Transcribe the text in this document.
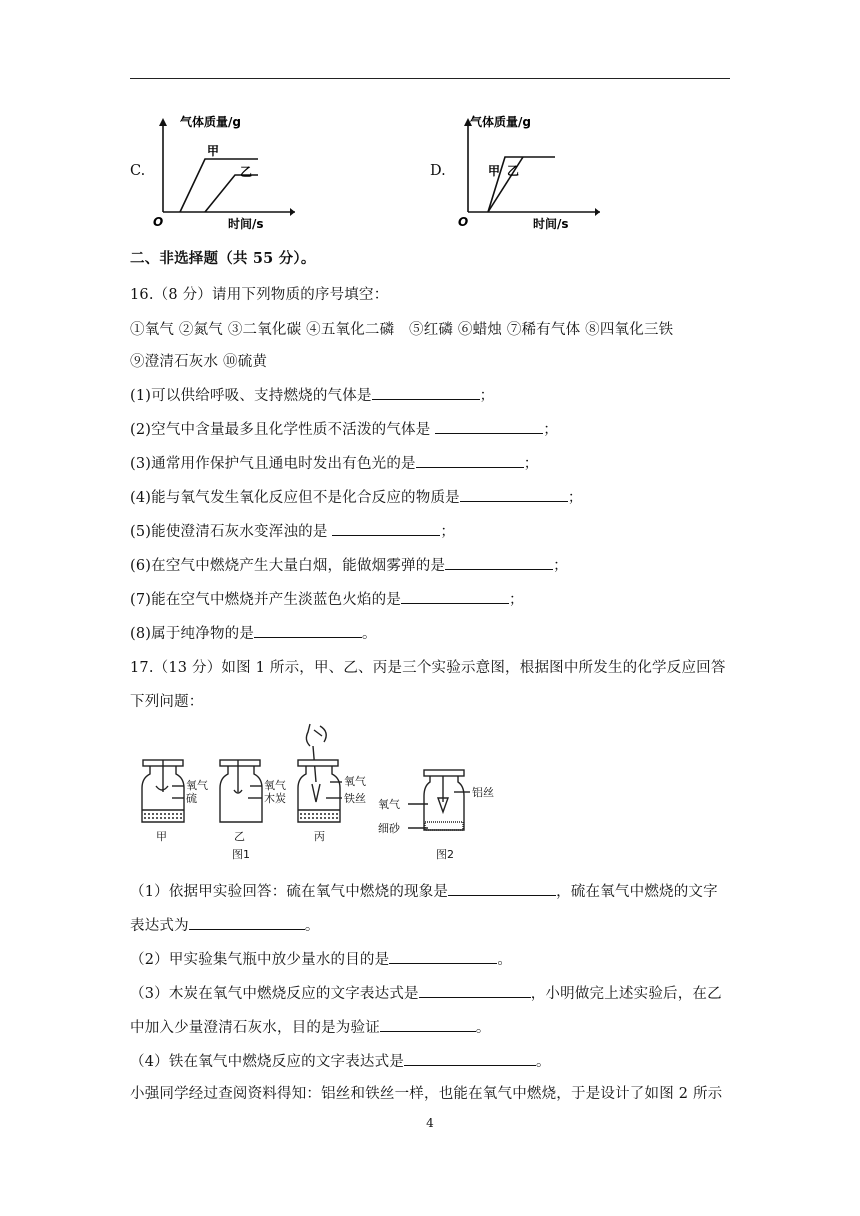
C.
气体质量/g
甲
乙
O	时间/s
D.
气体质量/g
甲 乙
O	时间/s
二、非选择题（共 55 分）。
16.（8 分）请用下列物质的序号填空：
①氧气 ②氮气 ③二氧化碳 ④五氧化二磷　⑤红磷 ⑥蜡烛 ⑦稀有气体 ⑧四氧化三铁
⑨澄清石灰水 ⑩硫黄
(1)可以供给呼吸、支持燃烧的气体是	；
(2)空气中含量最多且化学性质不活泼的气体是	；
(3)通常用作保护气且通电时发出有色光的是	；
(4)能与氧气发生氧化反应但不是化合反应的物质是	；
(5)能使澄清石灰水变浑浊的是	；
(6)在空气中燃烧产生大量白烟，能做烟雾弹的是	；
(7)能在空气中燃烧并产生淡蓝色火焰的是	；
(8)属于纯净物的是	。
17.（13 分）如图 1 所示，甲、乙、丙是三个实验示意图，根据图中所发生的化学反应回答
下列问题：
氧气
硫
氧气
木炭
氧气
铁丝 氧气
铝丝
细砂
甲	乙	丙
图1	图2
（1）依据甲实验回答：硫在氧气中燃烧的现象是	，硫在氧气中燃烧的文字
表达式为	。
（2）甲实验集气瓶中放少量水的目的是	。
（3）木炭在氧气中燃烧反应的文字表达式是	，小明做完上述实验后，在乙
中加入少量澄清石灰水，目的是为验证	。
（4）铁在氧气中燃烧反应的文字表达式是	。
小强同学经过查阅资料得知：铝丝和铁丝一样，也能在氧气中燃烧，于是设计了如图 2 所示
4
